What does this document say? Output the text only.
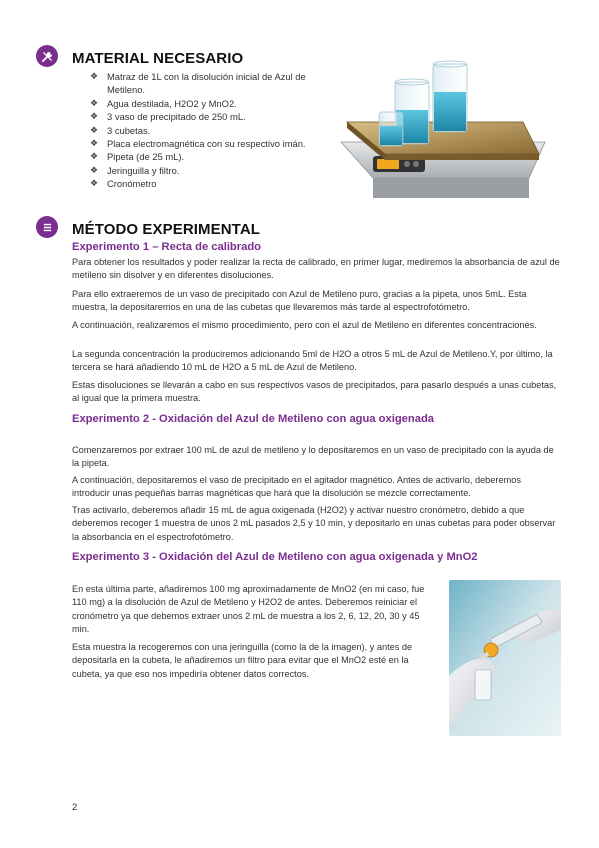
MATERIAL NECESARIO
❖ Matraz de 1L con la disolución inicial de Azul de Metileno.
❖ Agua destilada, H2O2 y MnO2.
❖ 3 vaso de precipitado de 250 mL.
❖ 3 cubetas.
❖ Placa electromagnética con su respectivo imán.
❖ Pipeta (de 25 mL).
❖ Jeringuilla y filtro.
❖ Cronómetro
MÉTODO EXPERIMENTAL
Experimento 1 – Recta de calibrado

Para obtener los resultados y poder realizar la recta de calibrado, en primer lugar, mediremos la absorbancia de azul de metileno sin disolver y en diferentes disoluciones.

Para ello extraeremos de un vaso de precipitado con Azul de Metileno puro, gracias a la pipeta, unos 5mL. Esta muestra, la depositaremos en una de las cubetas que llevaremos más tarde al espectrofotómetro.

A continuación, realizaremos el mismo procedimiento, pero con el azul de Metileno en diferentes concentraciones.

La segunda concentración la produciremos adicionando 5ml de H2O a otros 5 mL de Azul de Metileno.Y, por último, la tercera se hará añadiendo 10 mL de H2O a 5 mL de Azul de Metileno.

Estas disoluciones se llevarán a cabo en sus respectivos vasos de precipitados, para pasarlo después a unas cubetas, al igual que la primera muestra.

Experimento 2 - Oxidación del Azul de Metileno con agua oxigenada

Comenzaremos por extraer 100 mL de azul de metileno y lo depositaremos en un vaso de precipitado con la ayuda de la pipeta.

A continuación, depositaremos el vaso de precipitado en el agitador magnético. Antes de activarlo, deberemos introducir unas pequeñas barras magnéticas que hará que la disolución se mezcle correctamente.

Tras activarlo, deberemos añadir 15 mL de agua oxigenada (H2O2) y activar nuestro cronómetro, debido a que deberemos recoger 1 muestra de unos 2 mL pasados 2,5 y 10 min, y depositarlo en unas cubetas para poder observar la absorbancia en el espectrofotómetro.

Experimento 3 - Oxidación del Azul de Metileno con agua oxigenada y MnO2

En esta última parte, añadiremos 100 mg aproximadamente de MnO2 (en mi caso, fue 110 mg) a la disolución de Azul de Metileno y H2O2 de antes. Deberemos reiniciar el cronómetro ya que debemos extraer unos 2 mL de muestra a los 2, 6, 12, 20, 30 y 45 min.

Esta muestra la recogeremos con una jeringuilla (como la de la imagen), y antes de depositarla en la cubeta, le añadiremos un filtro para evitar que el MnO2 esté en la cubeta, ya que eso nos impediría obtener datos correctos.

2
